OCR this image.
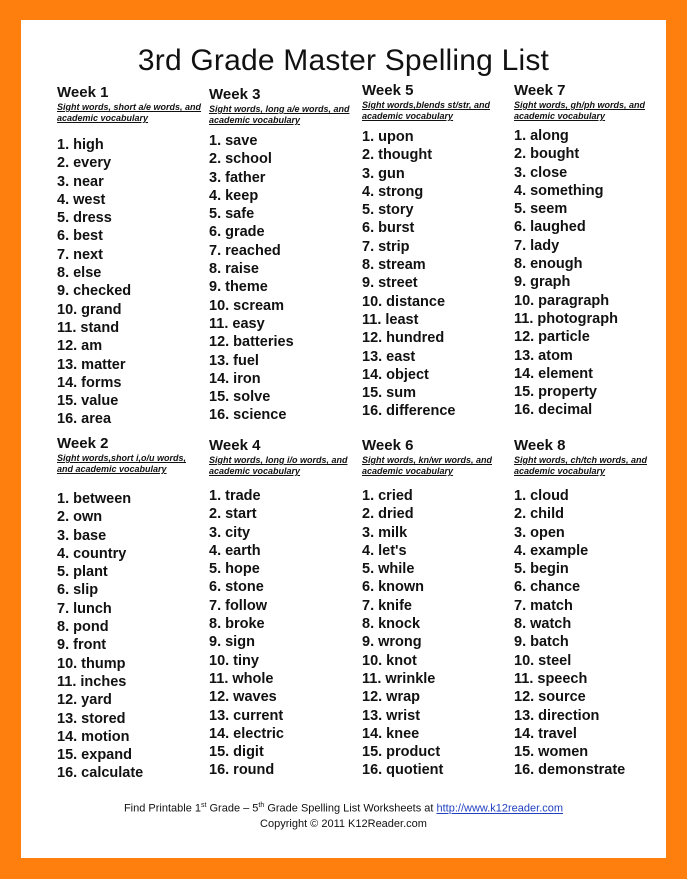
3rd Grade Master Spelling List
Week 1
Sight words, short a/e words, and academic vocabulary
1. high
2. every
3. near
4. west
5. dress
6. best
7. next
8. else
9. checked
10. grand
11. stand
12. am
13. matter
14. forms
15. value
16. area
Week 2
Sight words,short i,o/u words, and academic vocabulary
1. between
2. own
3. base
4. country
5. plant
6. slip
7. lunch
8. pond
9. front
10. thump
11. inches
12. yard
13. stored
14. motion
15. expand
16. calculate
Week 3
Sight words, long a/e words, and academic vocabulary
1. save
2. school
3. father
4. keep
5. safe
6. grade
7. reached
8. raise
9. theme
10. scream
11. easy
12. batteries
13. fuel
14. iron
15. solve
16. science
Week 4
Sight words, long i/o words, and academic vocabulary
1. trade
2. start
3. city
4. earth
5. hope
6. stone
7. follow
8. broke
9. sign
10. tiny
11. whole
12. waves
13. current
14. electric
15. digit
16. round
Week 5
Sight words,blends st/str, and academic vocabulary
1. upon
2. thought
3. gun
4. strong
5. story
6. burst
7. strip
8. stream
9. street
10. distance
11. least
12. hundred
13. east
14. object
15. sum
16. difference
Week 6
Sight words, kn/wr words, and academic vocabulary
1. cried
2. dried
3. milk
4. let's
5. while
6. known
7. knife
8. knock
9. wrong
10. knot
11. wrinkle
12. wrap
13. wrist
14. knee
15. product
16. quotient
Week 7
Sight words, gh/ph words, and academic vocabulary
1. along
2. bought
3. close
4. something
5. seem
6. laughed
7. lady
8. enough
9. graph
10. paragraph
11. photograph
12. particle
13. atom
14. element
15. property
16. decimal
Week 8
Sight words, ch/tch words, and academic vocabulary
1. cloud
2. child
3. open
4. example
5. begin
6. chance
7. match
8. watch
9. batch
10. steel
11. speech
12. source
13. direction
14. travel
15. women
16. demonstrate
Find Printable 1st Grade – 5th Grade Spelling List Worksheets at http://www.k12reader.com
Copyright © 2011 K12Reader.com
